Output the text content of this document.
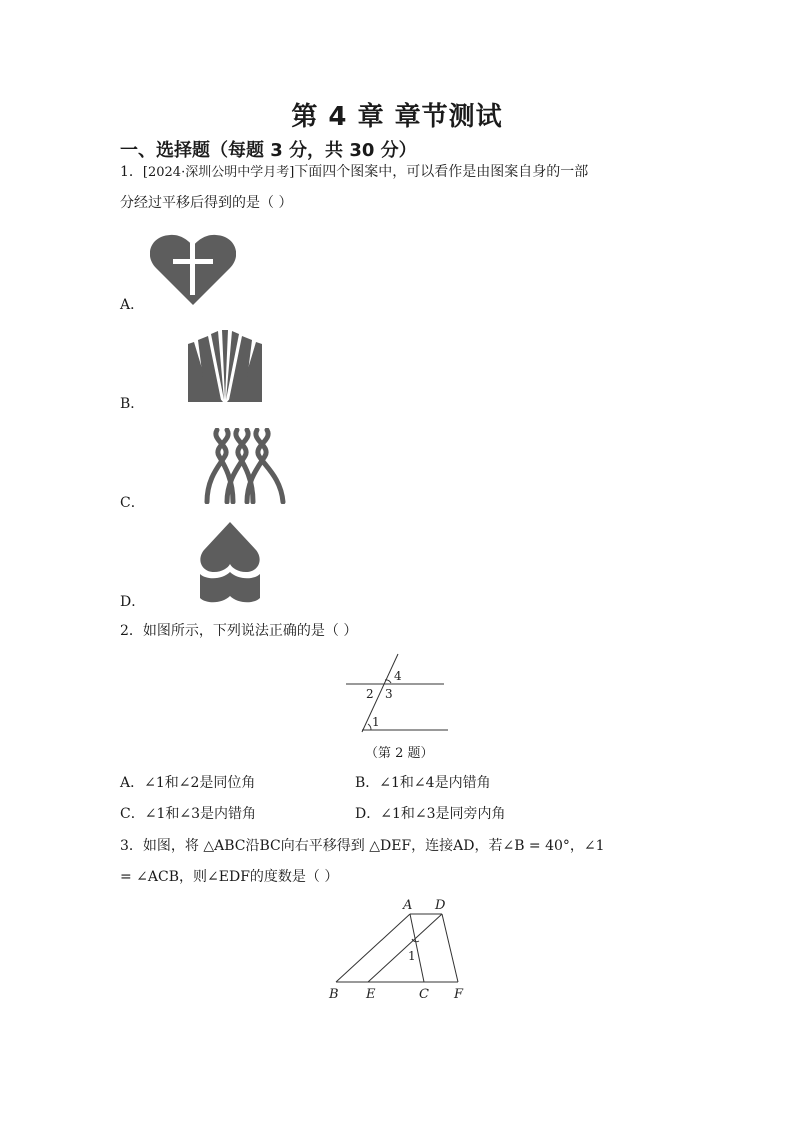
第 4 章 章节测试
一、选择题（每题 3 分，共 30 分）
1．[2024·深圳公明中学月考]下面四个图案中，可以看作是由图案自身的一部
分经过平移后得到的是（ ）
A．
B．
C．
D．
2．如图所示，下列说法正确的是（ ）
4
2 3
1
（第 2 题）
A．∠1和∠2是同位角	B．∠1和∠4是内错角
C．∠1和∠3是内错角	D．∠1和∠3是同旁内角
3．如图，将 △ABC沿BC向右平移得到 △DEF，连接AD，若∠B = 40°，∠1
= ∠ACB，则∠EDF的度数是（ ）
A D
1
B E	C F
